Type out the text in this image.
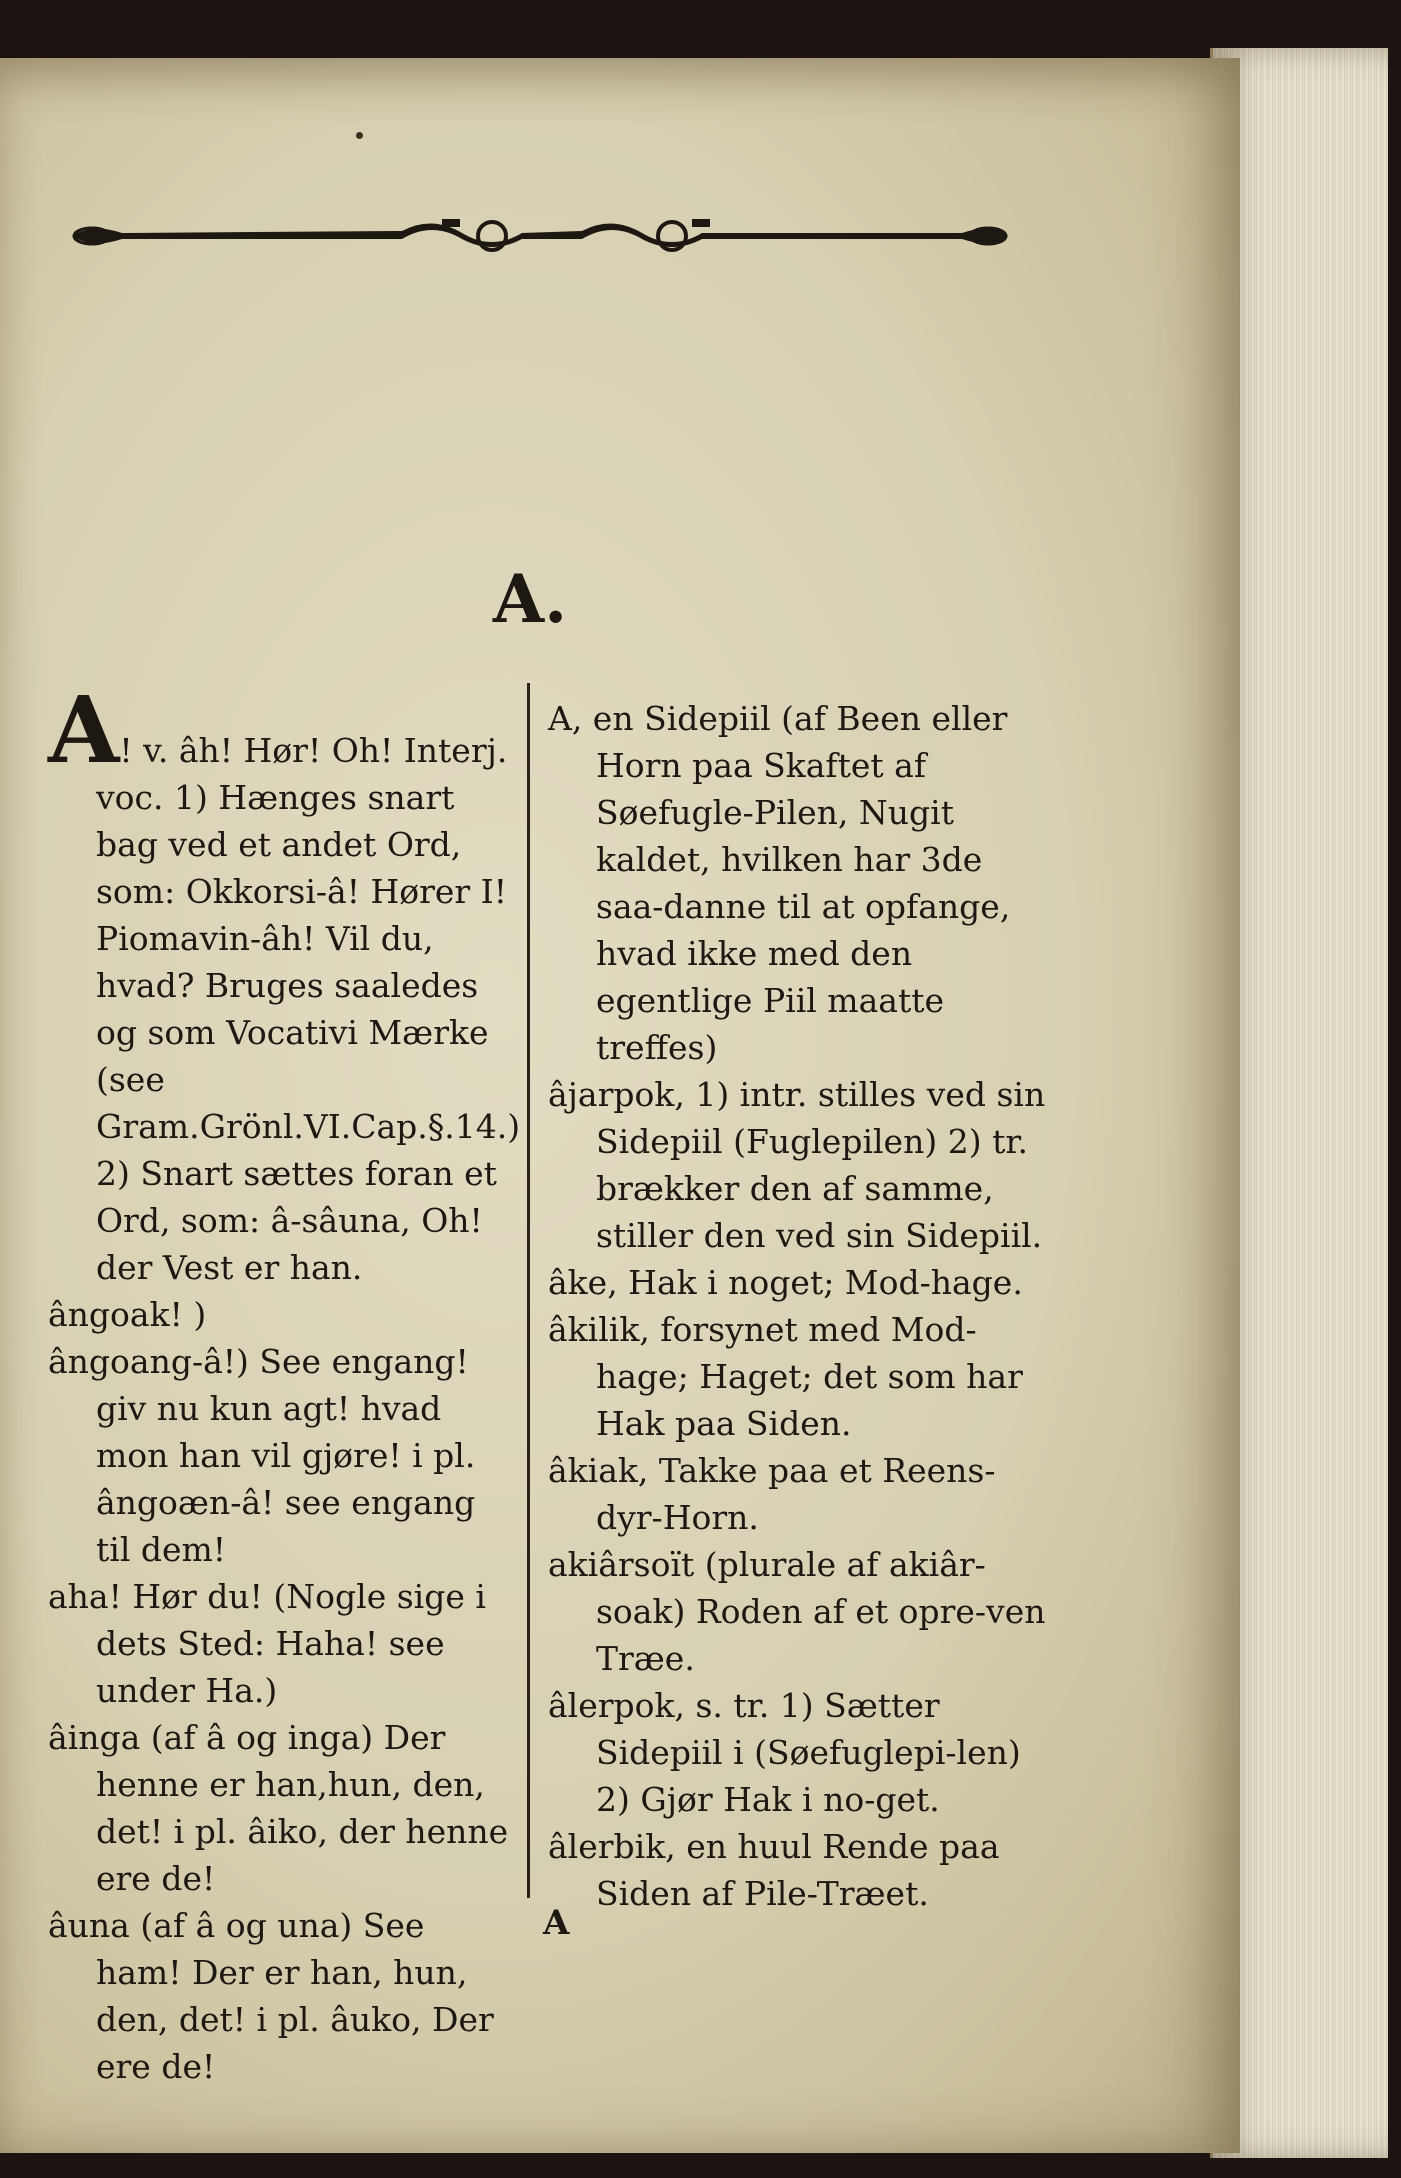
A.

A! v. âh! Hør! Oh! Interj. voc. 1) Hænges snart bag ved et andet Ord, som: Okkorsi-â! Hører I! Piomavin-âh! Vil du, hvad? Bruges saaledes og som Vocativi Mærke (see Gram.Grönl.VI.Cap.§.14.) 2) Snart sættes foran et Ord, som: â-sâuna, Oh! der Vest er han.

ângoak! )

ângoang-â!) See engang! giv nu kun agt! hvad mon han vil gjøre! i pl. ângoæn-â! see engang til dem!

aha! Hør du! (Nogle sige i dets Sted: Haha! see under Ha.)

âinga (af â og inga) Der henne er han,hun, den, det! i pl. âiko, der henne ere de!

âuna (af â og una) See ham! Der er han, hun, den, det! i pl. âuko, Der ere de!

A, en Sidepiil (af Been eller Horn paa Skaftet af Søefugle-Pilen, Nugit kaldet, hvilken har 3de saa-danne til at opfange, hvad ikke med den egentlige Piil maatte treffes)

âjarpok, 1) intr. stilles ved sin Sidepiil (Fuglepilen) 2) tr. brækker den af samme, stiller den ved sin Sidepiil.

âke, Hak i noget; Mod-hage.

âkilik, forsynet med Mod-hage; Haget; det som har Hak paa Siden.

âkiak, Takke paa et Reens-dyr-Horn.

akiârsoït (plurale af akiâr-soak) Roden af et opre-ven Træe.

âlerpok, s. tr. 1) Sætter Sidepiil i (Søefuglepi-len) 2) Gjør Hak i no-get.

âlerbik, en huul Rende paa Siden af Pile-Træet.

A
